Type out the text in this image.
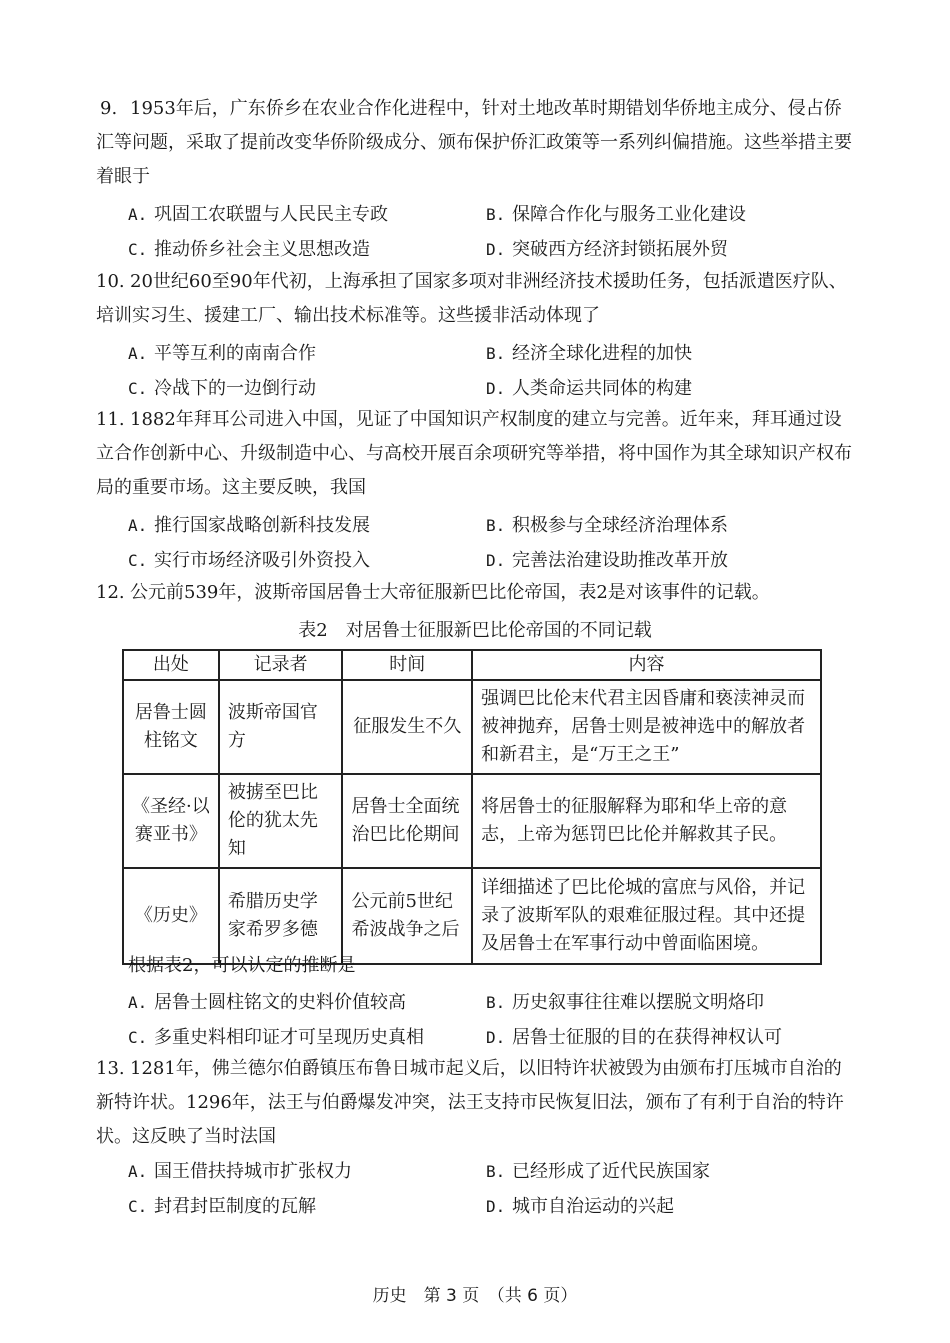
9. 1953年后，广东侨乡在农业合作化进程中，针对土地改革时期错划华侨地主成分、侵占侨汇等问题，采取了提前改变华侨阶级成分、颁布保护侨汇政策等一系列纠偏措施。这些举措主要着眼于
A. 巩固工农联盟与人民民主专政	B. 保障合作化与服务工业化建设
C. 推动侨乡社会主义思想改造	D. 突破西方经济封锁拓展外贸
10. 20世纪60至90年代初，上海承担了国家多项对非洲经济技术援助任务，包括派遣医疗队、培训实习生、援建工厂、输出技术标准等。这些援非活动体现了
A. 平等互利的南南合作	B. 经济全球化进程的加快
C. 冷战下的一边倒行动	D. 人类命运共同体的构建
11. 1882年拜耳公司进入中国，见证了中国知识产权制度的建立与完善。近年来，拜耳通过设立合作创新中心、升级制造中心、与高校开展百余项研究等举措，将中国作为其全球知识产权布局的重要市场。这主要反映，我国
A. 推行国家战略创新科技发展	B. 积极参与全球经济治理体系
C. 实行市场经济吸引外资投入	D. 完善法治建设助推改革开放
12. 公元前539年，波斯帝国居鲁士大帝征服新巴比伦帝国，表2是对该事件的记载。
表2　对居鲁士征服新巴比伦帝国的不同记载
出处	记录者	时间	内容
居鲁士圆柱铭文	波斯帝国官方	征服发生不久	强调巴比伦末代君主因昏庸和亵渎神灵而被神抛弃，居鲁士则是被神选中的解放者和新君主，是“万王之王”
《圣经·以赛亚书》	被掳至巴比伦的犹太先知	居鲁士全面统治巴比伦期间	将居鲁士的征服解释为耶和华上帝的意志，上帝为惩罚巴比伦并解救其子民。
《历史》	希腊历史学家希罗多德	公元前5世纪希波战争之后	详细描述了巴比伦城的富庶与风俗，并记录了波斯军队的艰难征服过程。其中还提及居鲁士在军事行动中曾面临困境。
根据表2，可以认定的推断是
A. 居鲁士圆柱铭文的史料价值较高	B. 历史叙事往往难以摆脱文明烙印
C. 多重史料相印证才可呈现历史真相	D. 居鲁士征服的目的在获得神权认可
13. 1281年，佛兰德尔伯爵镇压布鲁日城市起义后，以旧特许状被毁为由颁布打压城市自治的新特许状。1296年，法王与伯爵爆发冲突，法王支持市民恢复旧法，颁布了有利于自治的特许状。这反映了当时法国
A. 国王借扶持城市扩张权力	B. 已经形成了近代民族国家
C. 封君封臣制度的瓦解	D. 城市自治运动的兴起
历史　第 3 页　（共 6 页）
